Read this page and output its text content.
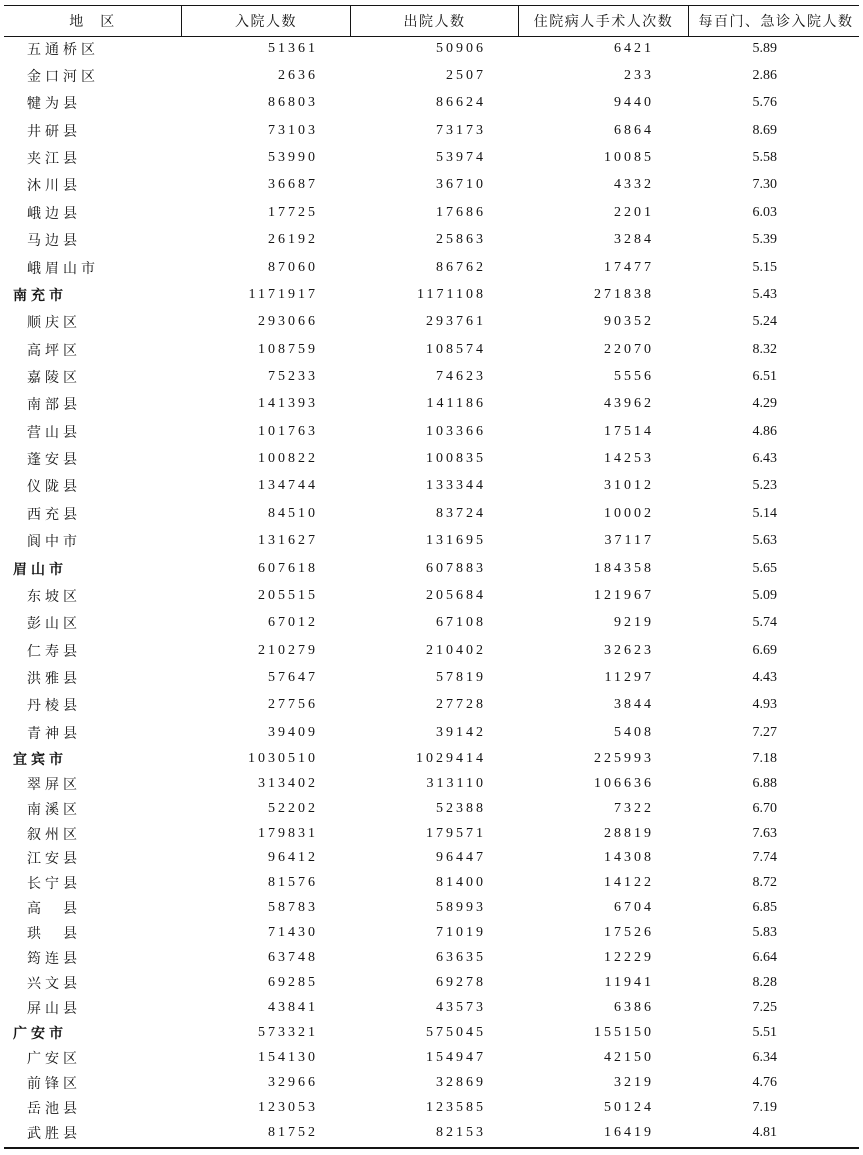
地　区	入院人数	出院人数	住院病人手术人次数	每百门、急诊入院人数
五通桥区	51361	50906	6421	5.89
金口河区	2636	2507	233	2.86
犍为县	86803	86624	9440	5.76
井研县	73103	73173	6864	8.69
夹江县	53990	53974	10085	5.58
沐川县	36687	36710	4332	7.30
峨边县	17725	17686	2201	6.03
马边县	26192	25863	3284	5.39
峨眉山市	87060	86762	17477	5.15
南充市	1171917	1171108	271838	5.43
顺庆区	293066	293761	90352	5.24
高坪区	108759	108574	22070	8.32
嘉陵区	75233	74623	5556	6.51
南部县	141393	141186	43962	4.29
营山县	101763	103366	17514	4.86
蓬安县	100822	100835	14253	6.43
仪陇县	134744	133344	31012	5.23
西充县	84510	83724	10002	5.14
阆中市	131627	131695	37117	5.63
眉山市	607618	607883	184358	5.65
东坡区	205515	205684	121967	5.09
彭山区	67012	67108	9219	5.74
仁寿县	210279	210402	32623	6.69
洪雅县	57647	57819	11297	4.43
丹棱县	27756	27728	3844	4.93
青神县	39409	39142	5408	7.27
宜宾市	1030510	1029414	225993	7.18
翠屏区	313402	313110	106636	6.88
南溪区	52202	52388	7322	6.70
叙州区	179831	179571	28819	7.63
江安县	96412	96447	14308	7.74
长宁县	81576	81400	14122	8.72
高　县	58783	58993	6704	6.85
珙　县	71430	71019	17526	5.83
筠连县	63748	63635	12229	6.64
兴文县	69285	69278	11941	8.28
屏山县	43841	43573	6386	7.25
广安市	573321	575045	155150	5.51
广安区	154130	154947	42150	6.34
前锋区	32966	32869	3219	4.76
岳池县	123053	123585	50124	7.19
武胜县	81752	82153	16419	4.81
